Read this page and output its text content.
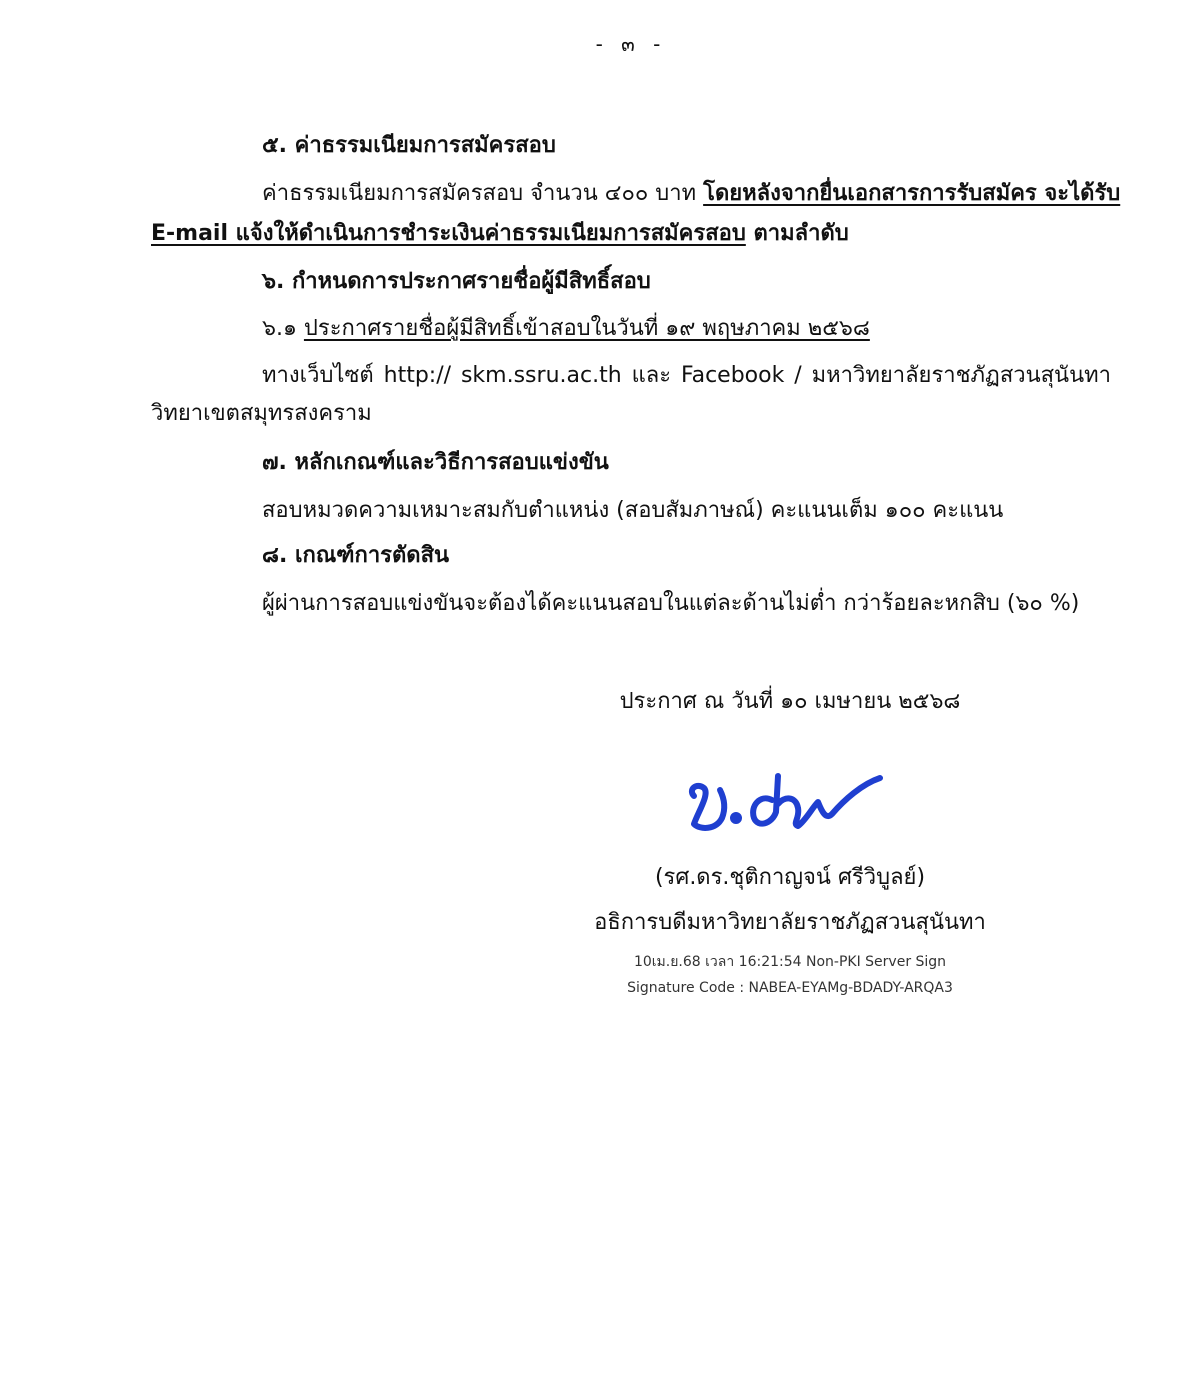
- ๓ -
๕. ค่าธรรมเนียมการสมัครสอบ
ค่าธรรมเนียมการสมัครสอบ จำนวน ๔๐๐ บาท โดยหลังจากยื่นเอกสารการรับสมัคร จะได้รับ
E-mail แจ้งให้ดำเนินการชำระเงินค่าธรรมเนียมการสมัครสอบ ตามลำดับ
๖. กำหนดการประกาศรายชื่อผู้มีสิทธิ์สอบ
๖.๑ ประกาศรายชื่อผู้มีสิทธิ์เข้าสอบในวันที่ ๑๙ พฤษภาคม ๒๕๖๘
ทางเว็บไซต์ http:// skm.ssru.ac.th และ Facebook / มหาวิทยาลัยราชภัฏสวนสุนันทา
วิทยาเขตสมุทรสงคราม
๗. หลักเกณฑ์และวิธีการสอบแข่งขัน
สอบหมวดความเหมาะสมกับตำแหน่ง (สอบสัมภาษณ์) คะแนนเต็ม ๑๐๐ คะแนน
๘. เกณฑ์การตัดสิน
ผู้ผ่านการสอบแข่งขันจะต้องได้คะแนนสอบในแต่ละด้านไม่ต่ำ กว่าร้อยละหกสิบ (๖๐ %)
ประกาศ ณ วันที่ ๑๐ เมษายน ๒๕๖๘
(รศ.ดร.ชุติกาญจน์ ศรีวิบูลย์)
อธิการบดีมหาวิทยาลัยราชภัฏสวนสุนันทา
10เม.ย.68 เวลา 16:21:54 Non-PKI Server Sign
Signature Code : NABEA-EYAMg-BDADY-ARQA3
